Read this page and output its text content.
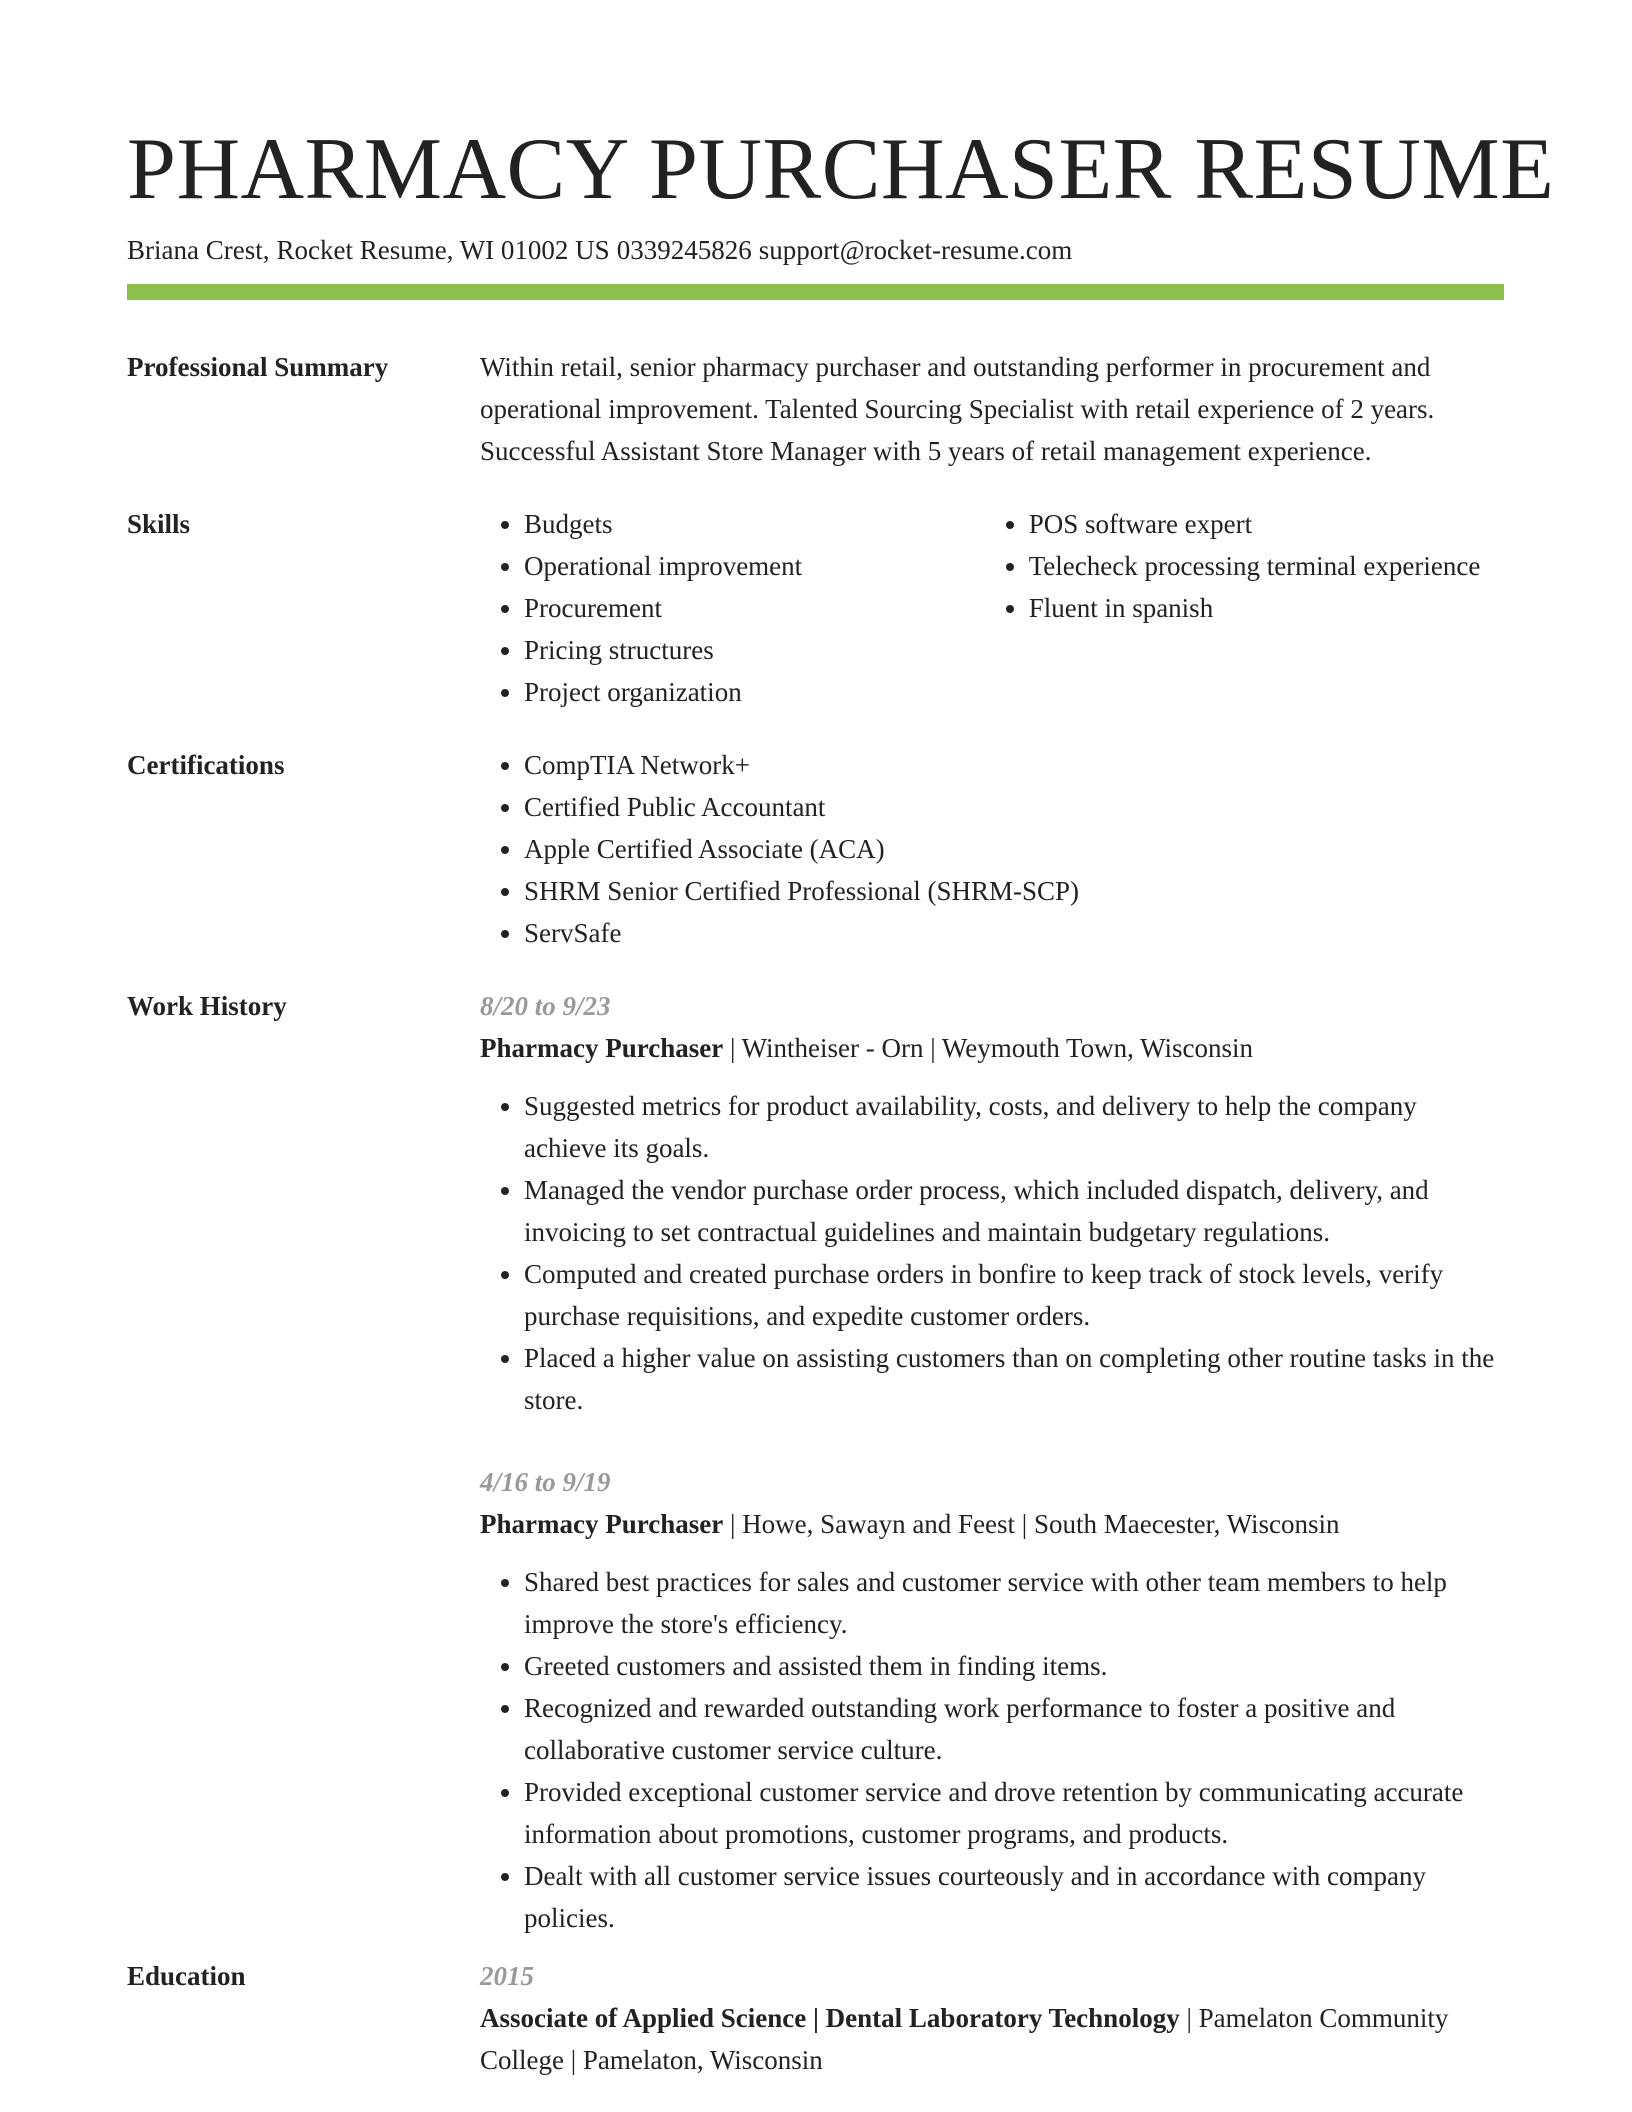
PHARMACY PURCHASER RESUME
Briana Crest, Rocket Resume, WI 01002 US 0339245826 support@rocket-resume.com
Professional Summary	Within retail, senior pharmacy purchaser and outstanding performer in procurement and operational improvement. Talented Sourcing Specialist with retail experience of 2 years. Successful Assistant Store Manager with 5 years of retail management experience.

Skills	• Budgets
• Operational improvement
• Procurement
• Pricing structures
• Project organization
• POS software expert
• Telecheck processing terminal experience
• Fluent in spanish
Certifications	• CompTIA Network+
• Certified Public Accountant
• Apple Certified Associate (ACA)
• SHRM Senior Certified Professional (SHRM-SCP)
• ServSafe
Work History	8/20 to 9/23
Pharmacy Purchaser | Wintheiser - Orn | Weymouth Town, Wisconsin
• Suggested metrics for product availability, costs, and delivery to help the company achieve its goals.
• Managed the vendor purchase order process, which included dispatch, delivery, and invoicing to set contractual guidelines and maintain budgetary regulations.
• Computed and created purchase orders in bonfire to keep track of stock levels, verify purchase requisitions, and expedite customer orders.
• Placed a higher value on assisting customers than on completing other routine tasks in the store.
4/16 to 9/19
Pharmacy Purchaser | Howe, Sawayn and Feest | South Maecester, Wisconsin
• Shared best practices for sales and customer service with other team members to help improve the store's efficiency.
• Greeted customers and assisted them in finding items.
• Recognized and rewarded outstanding work performance to foster a positive and collaborative customer service culture.
• Provided exceptional customer service and drove retention by communicating accurate information about promotions, customer programs, and products.
• Dealt with all customer service issues courteously and in accordance with company policies.
Education	2015
Associate of Applied Science | Dental Laboratory Technology | Pamelaton Community College | Pamelaton, Wisconsin
